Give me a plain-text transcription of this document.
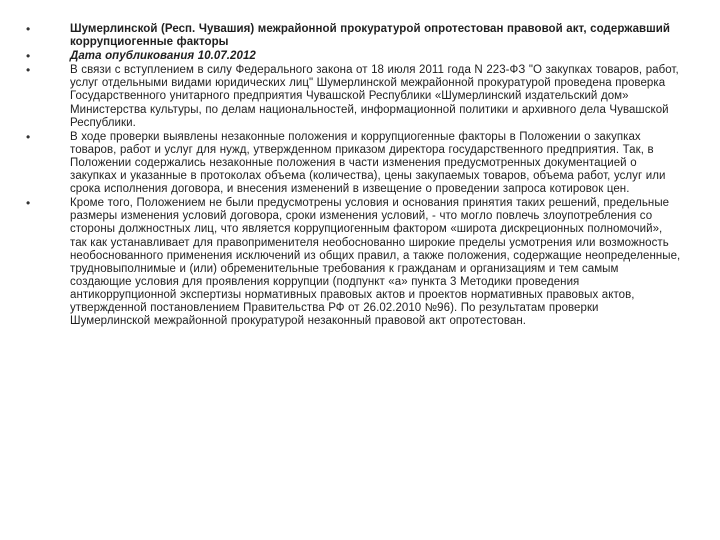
•	Шумерлинской (Респ. Чувашия) межрайонной прокуратурой опротестован правовой акт, содержавший коррупциогенные факторы
•	Дата опубликования 10.07.2012
•	В связи с вступлением в силу Федерального закона от 18 июля 2011 года N 223-ФЗ "О закупках товаров, работ, услуг отдельными видами юридических лиц" Шумерлинской межрайонной прокуратурой проведена проверка Государственного унитарного предприятия Чувашской Республики «Шумерлинский издательский дом» Министерства культуры, по делам национальностей, информационной политики и архивного дела Чувашской Республики.
•	В ходе проверки выявлены незаконные положения и коррупциогенные факторы в Положении о закупках товаров, работ и услуг для нужд, утвержденном приказом директора государственного предприятия. Так, в Положении содержались незаконные положения в части изменения предусмотренных документацией о закупках и указанные в протоколах объема (количества), цены закупаемых товаров, объема работ, услуг или срока исполнения договора, и внесения изменений в извещение о проведении запроса котировок цен.
•	Кроме того, Положением не были предусмотрены условия и основания принятия таких решений, предельные размеры изменения условий договора, сроки изменения условий, - что могло повлечь злоупотребления со стороны должностных лиц, что является коррупциогенным фактором «широта дискреционных полномочий», так как устанавливает для правоприменителя необоснованно широкие пределы усмотрения или возможность необоснованного применения исключений из общих правил, а также положения, содержащие неопределенные, трудновыполнимые и (или) обременительные требования к гражданам и организациям и тем самым создающие условия для проявления коррупции (подпункт «а» пункта 3 Методики проведения антикоррупционной экспертизы нормативных правовых актов и проектов нормативных правовых актов, утвержденной постановлением Правительства РФ от 26.02.2010 №96). По результатам проверки Шумерлинской межрайонной прокуратурой незаконный правовой акт опротестован.
